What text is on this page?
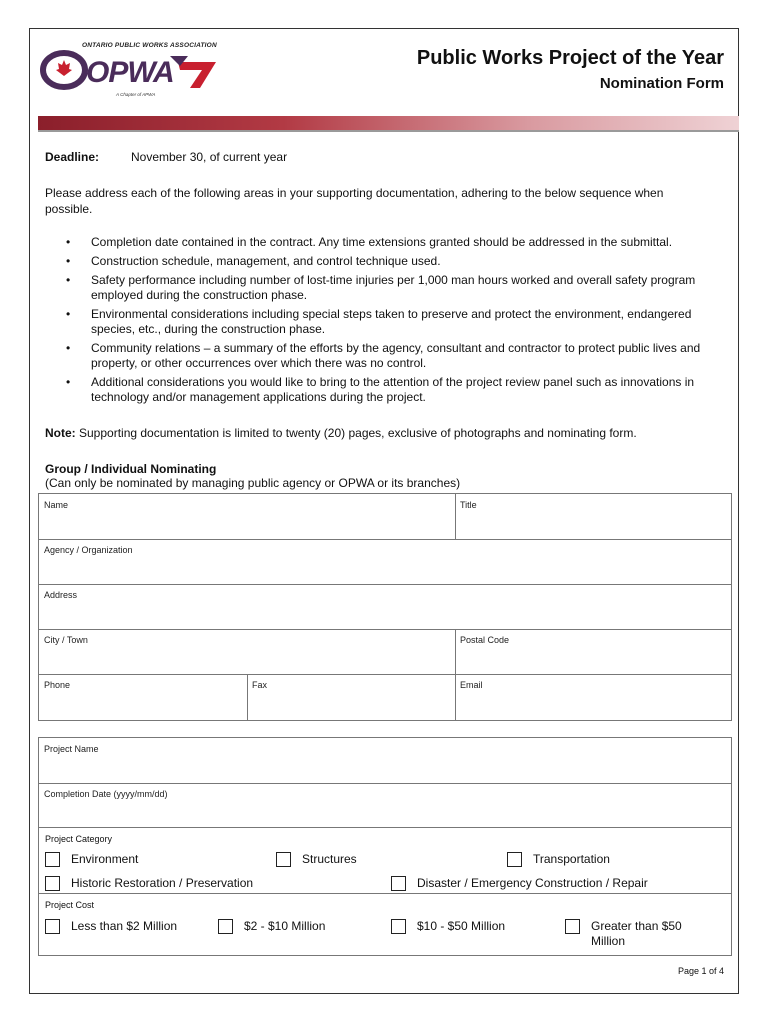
ONTARIO PUBLIC WORKS ASSOCIATION
OPWA
A Chapter of APWA
Public Works Project of the Year
Nomination Form
Deadline:	November 30, of current year
Please address each of the following areas in your supporting documentation, adhering to the below sequence when possible.
• Completion date contained in the contract. Any time extensions granted should be addressed in the submittal.
• Construction schedule, management, and control technique used.
• Safety performance including number of lost-time injuries per 1,000 man hours worked and overall safety program employed during the construction phase.
• Environmental considerations including special steps taken to preserve and protect the environment, endangered species, etc., during the construction phase.
• Community relations – a summary of the efforts by the agency, consultant and contractor to protect public lives and property, or other occurrences over which there was no control.
• Additional considerations you would like to bring to the attention of the project review panel such as innovations in technology and/or management applications during the project.
Note: Supporting documentation is limited to twenty (20) pages, exclusive of photographs and nominating form.
Group / Individual Nominating
(Can only be nominated by managing public agency or OPWA or its branches)
Name	Title
Agency / Organization
Address
City / Town	Postal Code
Phone	Fax	Email
Project Name
Completion Date (yyyy/mm/dd)
Project Category
Environment	Structures	Transportation
Historic Restoration / Preservation	Disaster / Emergency Construction / Repair
Project Cost
Less than $2 Million	$2 - $10 Million	$10 - $50 Million	Greater than $50 Million
Page 1 of 4
